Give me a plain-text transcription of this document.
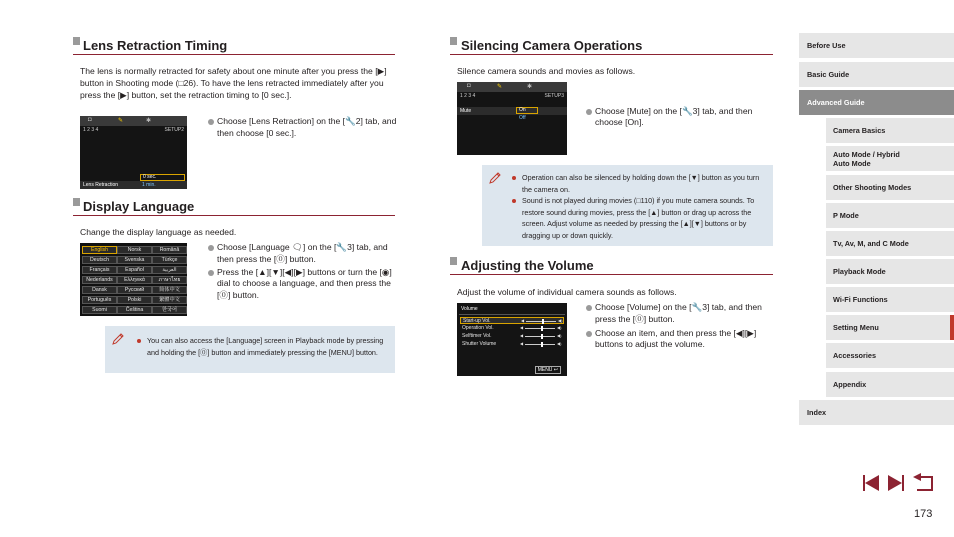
Lens Retraction Timing
The lens is normally retracted for safety about one minute after you press the [▶] button in Shooting mode (□26). To have the lens retracted immediately after you press the [▶] button, set the retraction timing to [0 sec.].
◘	✎	✱
1 2 3 4	SETUP2
0 sec.
Lens Retraction	1 min.
Choose [Lens Retraction] on the [🔧2] tab, and then choose [0 sec.].
Display Language
Change the display language as needed.
English	Norsk	Română
Deutsch	Svenska	Türkçe
Français	Español	العربية
Nederlands	Ελληνικά	ภาษาไทย
Dansk	Русский	简体中文
Português	Polski	繁體中文
Suomi	Čeština	한국어
Choose [Language 🗨] on the [🔧3] tab, and then press the [⓪] button.
Press the [▲][▼][◀][▶] buttons or turn the [◉] dial to choose a language, and then press the [⓪] button.
You can also access the [Language] screen in Playback mode by pressing and holding the [⓪] button and immediately pressing the [MENU] button.
Silencing Camera Operations
Silence camera sounds and movies as follows.
◘	✎	✱
1 2 3 4	SETUP3
Mute	On
Off
Choose [Mute] on the [🔧3] tab, and then choose [On].
Operation can also be silenced by holding down the [▼] button as you turn the camera on.
Sound is not played during movies (□110) if you mute camera sounds. To restore sound during movies, press the [▲] button or drag up across the screen. Adjust volume as needed by pressing the [▲][▼] buttons or by dragging up or down quickly.
Adjusting the Volume
Adjust the volume of individual camera sounds as follows.
Volume
MENU ↩
Start-up Vol.	◀	◀)
Operation Vol.	◀	◀)
Selftimer Vol.	◀	◀)
Shutter Volume	◀	◀)
Choose [Volume] on the [🔧3] tab, and then press the [⓪] button.
Choose an item, and then press the [◀][▶] buttons to adjust the volume.
Before Use
Basic Guide
Advanced Guide
Camera Basics
Auto Mode / Hybrid Auto Mode
Other Shooting Modes
P Mode
Tv, Av, M, and C Mode
Playback Mode
Wi-Fi Functions
Setting Menu
Accessories
Appendix
Index
173
